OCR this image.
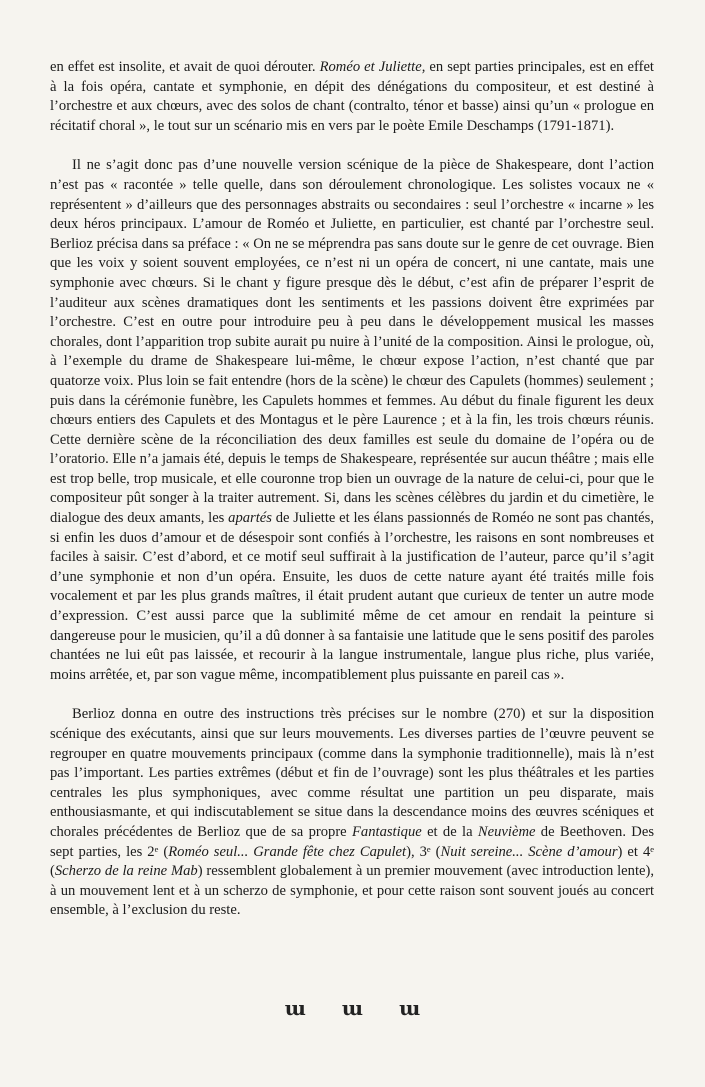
en effet est insolite, et avait de quoi dérouter. Roméo et Juliette, en sept parties principales, est en effet à la fois opéra, cantate et symphonie, en dépit des dénégations du compositeur, et est destiné à l’orchestre et aux chœurs, avec des solos de chant (contralto, ténor et basse) ainsi qu’un « prologue en récitatif choral », le tout sur un scénario mis en vers par le poète Emile Deschamps (1791-1871).

Il ne s’agit donc pas d’une nouvelle version scénique de la pièce de Shakespeare, dont l’action n’est pas « racontée » telle quelle, dans son déroulement chronologique. Les solistes vocaux ne « représentent » d’ailleurs que des personnages abstraits ou secondaires : seul l’orchestre « incarne » les deux héros principaux. L’amour de Roméo et Juliette, en particulier, est chanté par l’orchestre seul. Berlioz précisa dans sa préface : « On ne se méprendra pas sans doute sur le genre de cet ouvrage. Bien que les voix y soient souvent employées, ce n’est ni un opéra de concert, ni une cantate, mais une symphonie avec chœurs. Si le chant y figure presque dès le début, c’est afin de préparer l’esprit de l’auditeur aux scènes dramatiques dont les sentiments et les passions doivent être exprimées par l’orchestre. C’est en outre pour introduire peu à peu dans le développement musical les masses chorales, dont l’apparition trop subite aurait pu nuire à l’unité de la composition. Ainsi le prologue, où, à l’exemple du drame de Shakespeare lui-même, le chœur expose l’action, n’est chanté que par quatorze voix. Plus loin se fait entendre (hors de la scène) le chœur des Capulets (hommes) seulement ; puis dans la cérémonie funèbre, les Capulets hommes et femmes. Au début du finale figurent les deux chœurs entiers des Capulets et des Montagus et le père Laurence ; et à la fin, les trois chœurs réunis. Cette dernière scène de la réconciliation des deux familles est seule du domaine de l’opéra ou de l’oratorio. Elle n’a jamais été, depuis le temps de Shakespeare, représentée sur aucun théâtre ; mais elle est trop belle, trop musicale, et elle couronne trop bien un ouvrage de la nature de celui-ci, pour que le compositeur pût songer à la traiter autrement. Si, dans les scènes célèbres du jardin et du cimetière, le dialogue des deux amants, les apartés de Juliette et les élans passionnés de Roméo ne sont pas chantés, si enfin les duos d’amour et de désespoir sont confiés à l’orchestre, les raisons en sont nombreuses et faciles à saisir. C’est d’abord, et ce motif seul suffirait à la justification de l’auteur, parce qu’il s’agit d’une symphonie et non d’un opéra. Ensuite, les duos de cette nature ayant été traités mille fois vocalement et par les plus grands maîtres, il était prudent autant que curieux de tenter un autre mode d’expression. C’est aussi parce que la sublimité même de cet amour en rendait la peinture si dangereuse pour le musicien, qu’il a dû donner à sa fantaisie une latitude que le sens positif des paroles chantées ne lui eût pas laissée, et recourir à la langue instrumentale, langue plus riche, plus variée, moins arrêtée, et, par son vague même, incompatiblement plus puissante en pareil cas ».

Berlioz donna en outre des instructions très précises sur le nombre (270) et sur la disposition scénique des exécutants, ainsi que sur leurs mouvements. Les diverses parties de l’œuvre peuvent se regrouper en quatre mouvements principaux (comme dans la symphonie traditionnelle), mais là n’est pas l’important. Les parties extrêmes (début et fin de l’ouvrage) sont les plus théâtrales et les parties centrales les plus symphoniques, avec comme résultat une partition un peu disparate, mais enthousiasmante, et qui indiscutablement se situe dans la descendance moins des œuvres scéniques et chorales précédentes de Berlioz que de sa propre Fantastique et de la Neuvième de Beethoven. Des sept parties, les 2ᵉ (Roméo seul... Grande fête chez Capulet), 3ᵉ (Nuit sereine... Scène d’amour) et 4ᵉ (Scherzo de la reine Mab) ressemblent globalement à un premier mouvement (avec introduction lente), à un mouvement lent et à un scherzo de symphonie, et pour cette raison sont souvent joués au concert ensemble, à l’exclusion du reste.

ɯ ɯ ɯ
